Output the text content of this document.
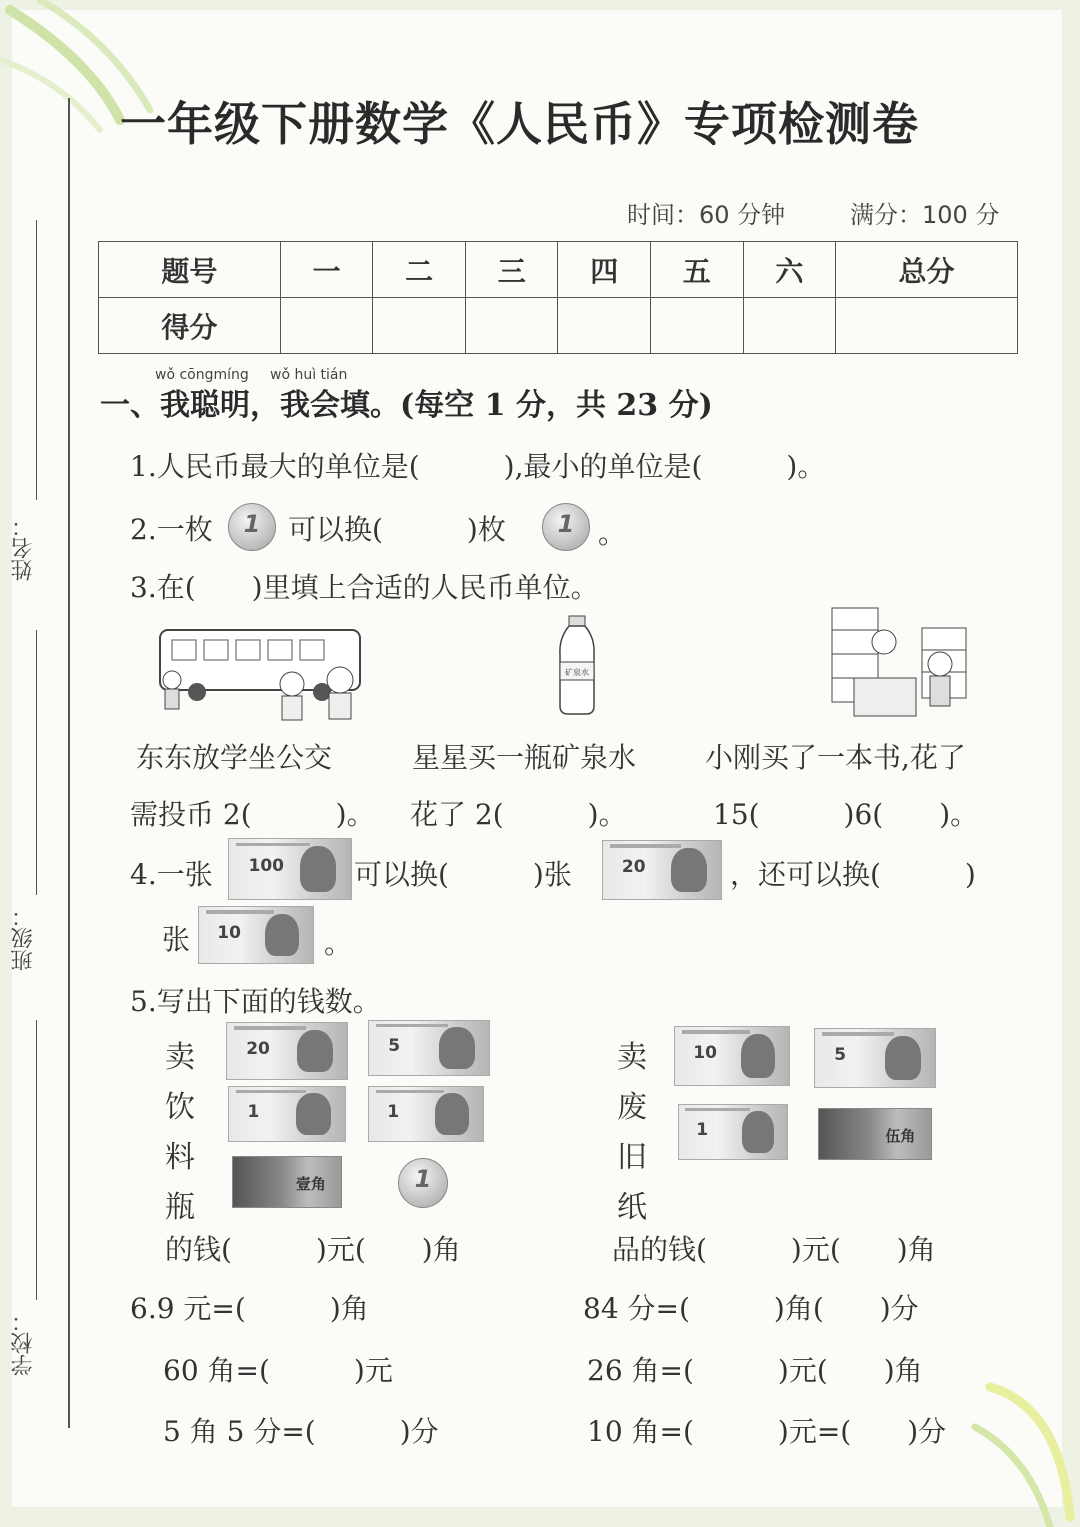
姓名：
班级：
学校：
一年级下册数学《人民币》专项检测卷
时间：60 分钟	满分：100 分
题号	一	二	三	四	五	六	总分
得分							
wǒ cōngmíng wǒ huì tián
一、我聪明，我会填。(每空 1 分，共 23 分)
1.人民币最大的单位是(　　　),最小的单位是(　　　)。
2.一枚	1 可以换(　　　)枚	1 。
3.在(　　)里填上合适的人民币单位。
矿泉水
东东放学坐公交
需投币 2(　　　)。
星星买一瓶矿泉水
花了 2(　　　)。
小刚买了一本书,花了
15(　　　)6(　　)。
4.一张 100 可以换(　　　)张	20	，还可以换(　　　)
张 10	。
5.写出下面的钱数。
卖
饮
料
瓶
20	5
1	1
壹角	1
卖
废
旧
纸
10	5
1	伍角
的钱(　　　)元(　　)角	品的钱(　　　)元(　　)角
6.9 元=(　　　)角	84 分=(　　　)角(　　)分
60 角=(　　　)元	26 角=(　　　)元(　　)角
5 角 5 分=(　　　)分	10 角=(　　　)元=(　　)分
